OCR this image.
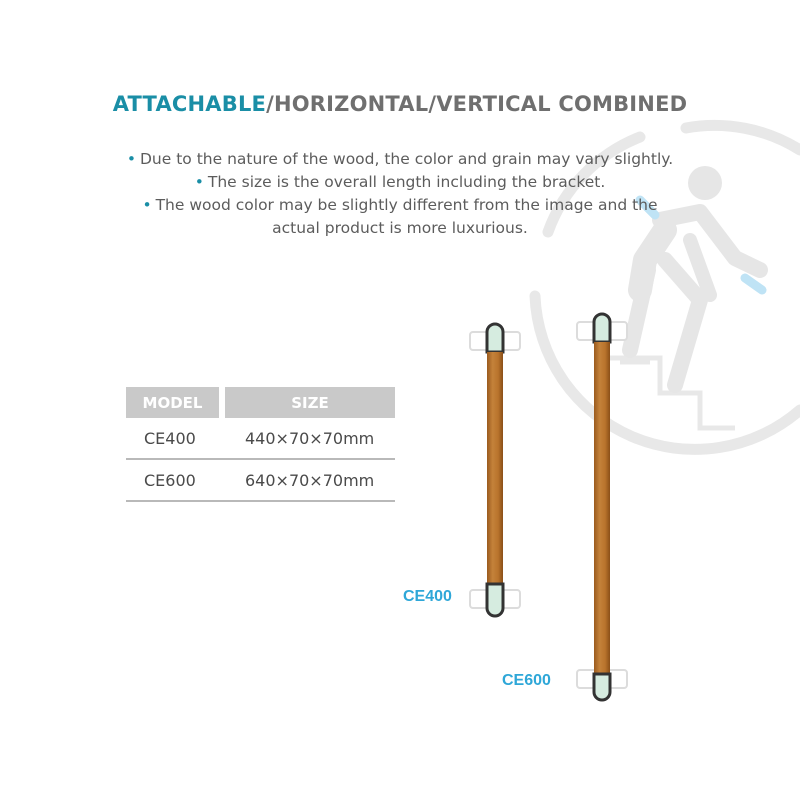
ATTACHABLE/HORIZONTAL/VERTICAL COMBINED
• Due to the nature of the wood, the color and grain may vary slightly.
• The size is the overall length including the bracket.
• The wood color may be slightly different from the image and the
actual product is more luxurious.
MODEL		SIZE
CE400		440×70×70mm
CE600		640×70×70mm
CE400
CE600
